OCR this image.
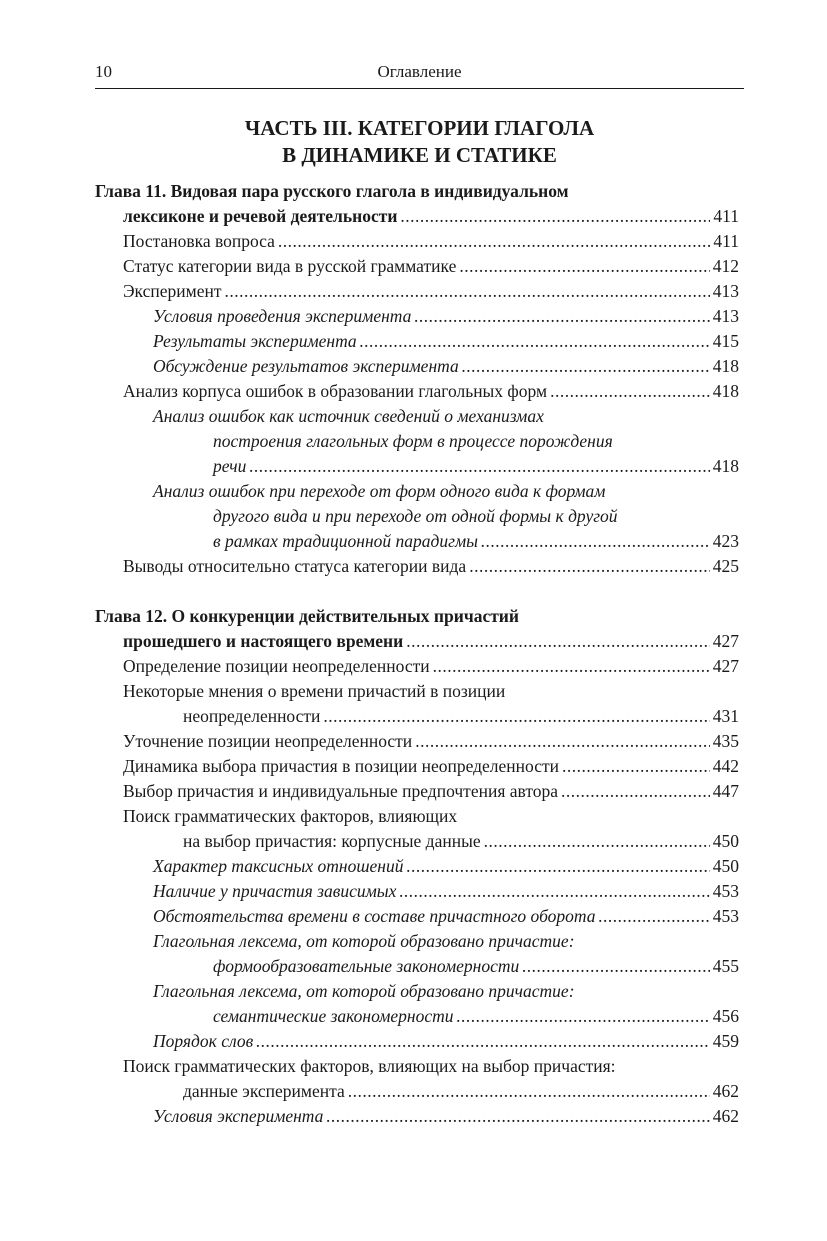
10	Оглавление
ЧАСТЬ III. КАТЕГОРИИ ГЛАГОЛА
В ДИНАМИКЕ И СТАТИКЕ
Глава 11. Видовая пара русского глагола в индивидуальном
лексиконе и речевой деятельности .....	411
Постановка вопроса .....	411
Статус категории вида в русской грамматике .....	412
Эксперимент .....	413
Условия проведения эксперимента .....	413
Результаты эксперимента .....	415
Обсуждение результатов эксперимента .....	418
Анализ корпуса ошибок в образовании глагольных форм .....	418
Анализ ошибок как источник сведений о механизмах
построения глагольных форм в процессе порождения
речи .....	418
Анализ ошибок при переходе от форм одного вида к формам
другого вида и при переходе от одной формы к другой
в рамках традиционной парадигмы .....	423
Выводы относительно статуса категории вида .....	425
Глава 12. О конкуренции действительных причастий
прошедшего и настоящего времени .....	427
Определение позиции неопределенности .....	427
Некоторые мнения о времени причастий в позиции
неопределенности .....	431
Уточнение позиции неопределенности .....	435
Динамика выбора причастия в позиции неопределенности .....	442
Выбор причастия и индивидуальные предпочтения автора .....	447
Поиск грамматических факторов, влияющих
на выбор причастия: корпусные данные .....	450
Характер таксисных отношений .....	450
Наличие у причастия зависимых .....	453
Обстоятельства времени в составе причастного оборота .....	453
Глагольная лексема, от которой образовано причастие:
формообразовательные закономерности .....	455
Глагольная лексема, от которой образовано причастие:
семантические закономерности .....	456
Порядок слов .....	459
Поиск грамматических факторов, влияющих на выбор причастия:
данные эксперимента .....	462
Условия эксперимента .....	462
